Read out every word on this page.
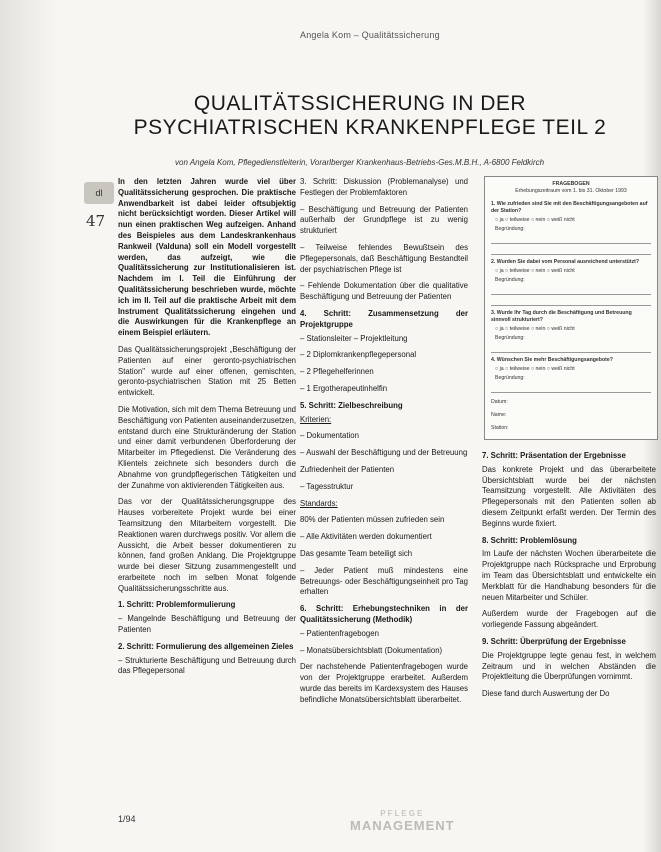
Angela Kom – Qualitätssicherung
QUALITÄTSSICHERUNG IN DER
PSYCHIATRISCHEN KRANKENPFLEGE TEIL 2
von Angela Kom, Pflegedienstleiterin, Vorarlberger Krankenhaus-Betriebs-Ges.M.B.H., A-6800 Feldkirch
dl
47

In den letzten Jahren wurde viel über Qualitätssicherung gesprochen. Die praktische Anwendbarkeit ist dabei leider oftsubjektig nicht berücksichtigt worden. Dieser Artikel will nun einen praktischen Weg aufzeigen. Anhand des Beispieles aus dem Landeskrankenhaus Rankweil (Valduna) soll ein Modell vorgestellt werden, das aufzeigt, wie die Qualitätssicherung zur Institutionalisieren ist. Nachdem im I. Teil die Einführung der Qualitätssicherung beschrieben wurde, möchte ich im II. Teil auf die praktische Arbeit mit dem Instrument Qualitätssicherung eingehen und die Auswirkungen für die Krankenpflege an einem Beispiel erläutern.

Das Qualitätssicherungsprojekt „Beschäftigung der Patienten auf einer geronto-psychiatrischen Station" wurde auf einer offenen, gemischten, geronto-psychiatrischen Station mit 25 Betten entwickelt.

Die Motivation, sich mit dem Thema Betreuung und Beschäftigung von Patienten auseinanderzusetzen, entstand durch eine Strukturänderung der Station und einer damit verbundenen Überforderung der Mitarbeiter im Pflegedienst. Die Veränderung des Klientels zeichnete sich besonders durch die Abnahme von grundpflegerischen Tätigkeiten und der Zunahme von aktivierenden Tätigkeiten aus.

Das vor der Qualitätssicherungsgruppe des Hauses vorbereitete Projekt wurde bei einer Teamsitzung den Mitarbeitern vorgestellt. Die Reaktionen waren durchwegs positiv. Vor allem die Aussicht, die Arbeit besser dokumentieren zu können, fand großen Anklang. Die Projektgruppe wurde bei dieser Sitzung zusammengestellt und erarbeitete noch im selben Monat folgende Qualitätssicherungsschritte aus.

1. Schritt: Problemformulierung

– Mangelnde Beschäftigung und Betreuung der Patienten

2. Schritt: Formulierung des allgemeinen Zieles

– Strukturierte Beschäftigung und Betreuung durch das Pflegepersonal

3. Schritt: Diskussion (Problemanalyse) und Festlegen der Problemfaktoren

– Beschäftigung und Betreuung der Patienten außerhalb der Grundpflege ist zu wenig strukturiert

– Teilweise fehlendes Bewußtsein des Pflegepersonals, daß Beschäftigung Bestandteil der psychiatrischen Pflege ist

– Fehlende Dokumentation über die qualitative Beschäftigung und Betreuung der Patienten

4. Schritt: Zusammensetzung der Projektgruppe

– Stationsleiter – Projektleitung

– 2 Diplomkrankenpflegepersonal

– 2 Pflegehelferinnen

– 1 Ergotherapeutinhelfin

5. Schritt: Zielbeschreibung

Kriterien:

– Dokumentation

– Auswahl der Beschäftigung und der Betreuung

Zufriedenheit der Patienten

– Tagesstruktur

Standards:

80% der Patienten müssen zufrieden sein

– Alle Aktivitäten werden dokumentiert

Das gesamte Team beteiligt sich

– Jeder Patient muß mindestens eine Betreuungs- oder Beschäftigungseinheit pro Tag erhalten

6. Schritt: Erhebungstechniken in der Qualitätssicherung (Methodik)

– Patientenfragebogen

– Monatsübersichtsblatt (Dokumentation)

Der nachstehende Patientenfragebogen wurde von der Projektgruppe erarbeitet. Außerdem wurde das bereits im Kardexsystem des Hauses befindliche Monatsübersichtsblatt überarbeitet.

FRAGEBOGEN
Erhebungszeitraum vom 1. bis 31. Oktober 1993
1. Wie zufrieden sind Sie mit den Beschäftigungsangeboten auf der Station?
○ ja ○ teilweise ○ nein ○ weiß nicht
Begründung:
2. Wurden Sie dabei vom Personal ausreichend unterstützt?
○ ja ○ teilweise ○ nein ○ weiß nicht
Begründung:
3. Wurde Ihr Tag durch die Beschäftigung und Betreuung sinnvoll strukturiert?
○ ja ○ teilweise ○ nein ○ weiß nicht
Begründung:
4. Wünschen Sie mehr Beschäftigungsangebote?
○ ja ○ teilweise ○ nein ○ weiß nicht
Begründung:
Datum:
Name:
Station:
7. Schritt: Präsentation der Ergebnisse

Das konkrete Projekt und das überarbeitete Übersichtsblatt wurde bei der nächsten Teamsitzung vorgestellt. Alle Aktivitäten des Pflegepersonals mit den Patienten sollen ab diesem Zeitpunkt erfaßt werden. Der Termin des Beginns wurde fixiert.

8. Schritt: Problemlösung

Im Laufe der nächsten Wochen überarbeitete die Projektgruppe nach Rücksprache und Erprobung im Team das Übersichtsblatt und entwickelte ein Merkblatt für die Handhabung besonders für die neuen Mitarbeiter und Schüler.

Außerdem wurde der Fragebogen auf die vorliegende Fassung abgeändert.

9. Schritt: Überprüfung der Ergebnisse

Die Projektgruppe legte genau fest, in welchem Zeitraum und in welchen Abständen die Projektleitung die Überprüfungen vornimmt.

Diese fand durch Auswertung der Do

1/94
PFLEGE
MANAGEMENT
